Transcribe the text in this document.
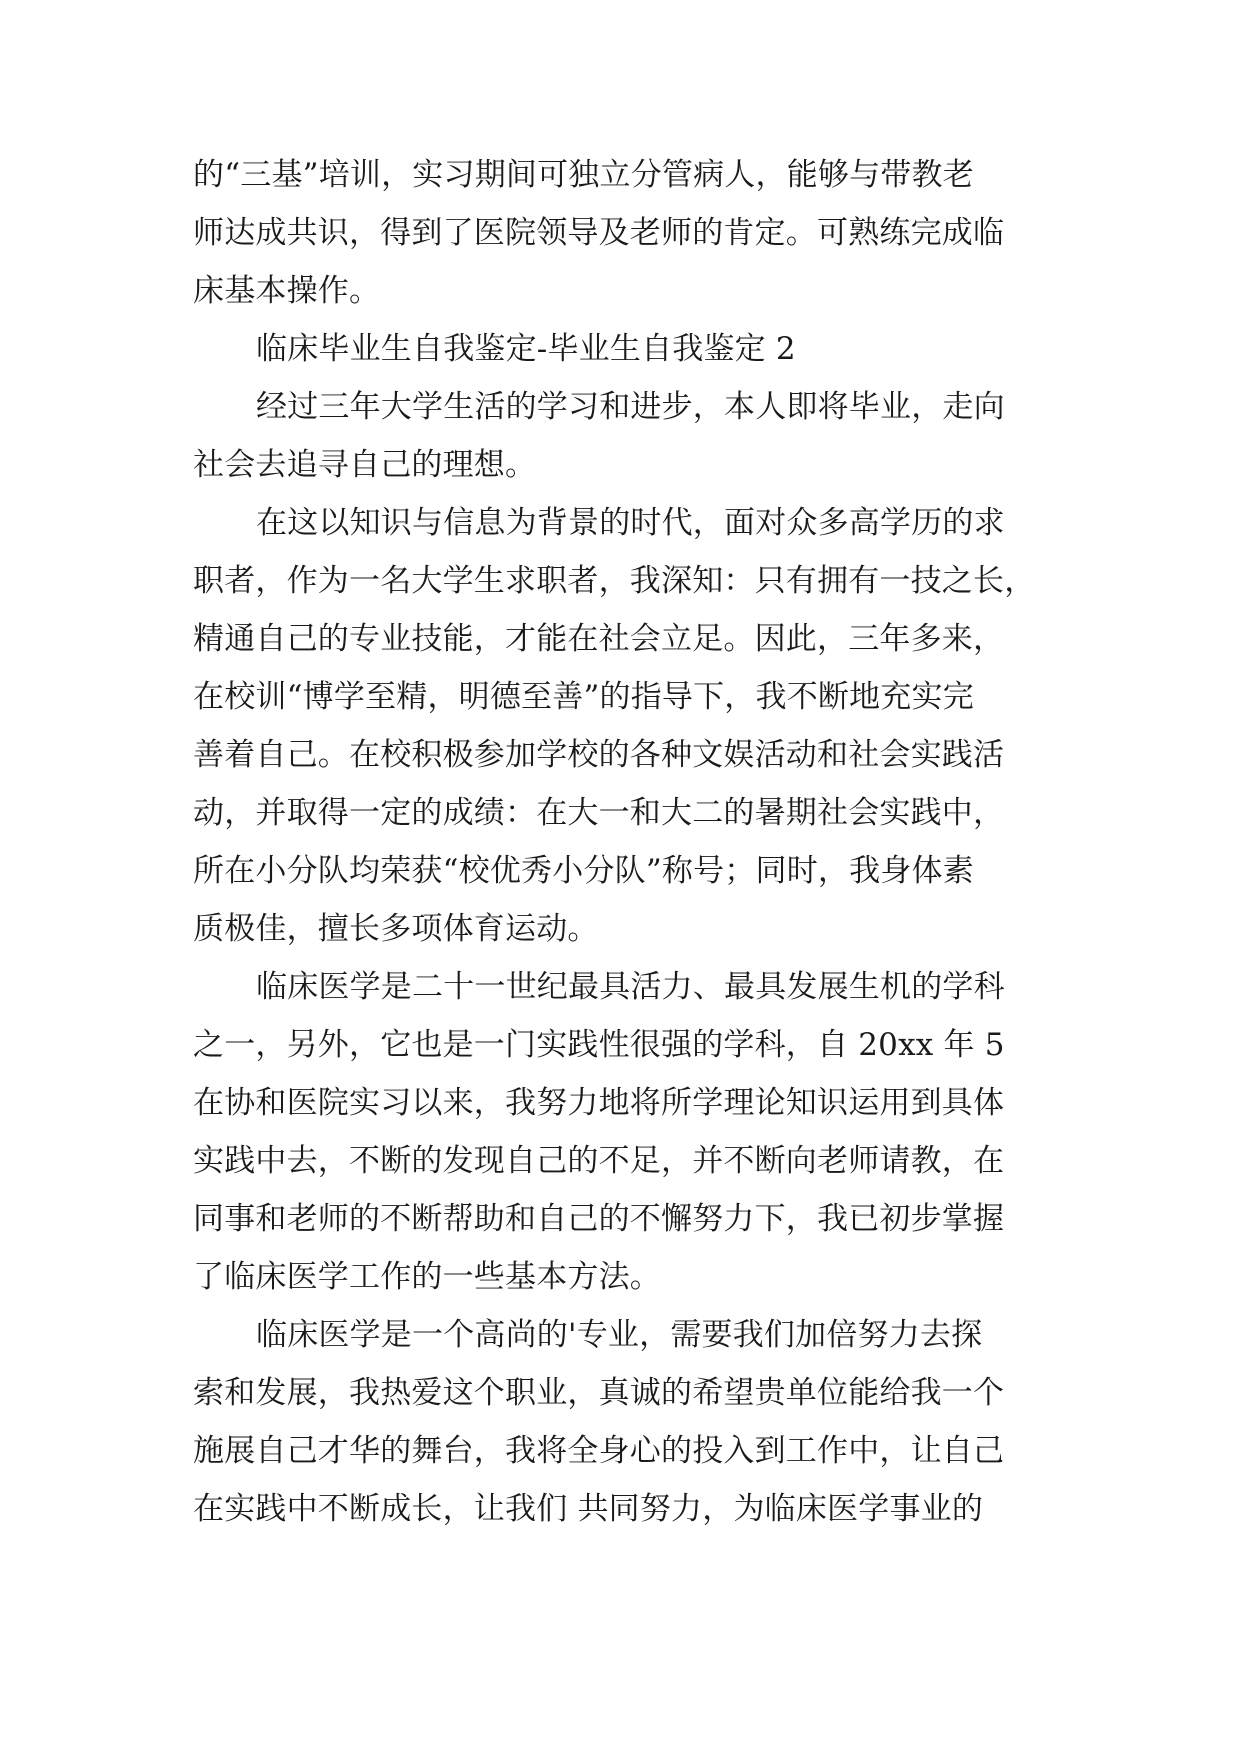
的“三基”培训，实习期间可独立分管病人，能够与带教老
师达成共识，得到了医院领导及老师的肯定。可熟练完成临
床基本操作。
临床毕业生自我鉴定-毕业生自我鉴定 2
经过三年大学生活的学习和进步，本人即将毕业，走向
社会去追寻自己的理想。
在这以知识与信息为背景的时代，面对众多高学历的求
职者，作为一名大学生求职者，我深知：只有拥有一技之长，
精通自己的专业技能，才能在社会立足。因此，三年多来，
在校训“博学至精，明德至善”的指导下，我不断地充实完
善着自己。在校积极参加学校的各种文娱活动和社会实践活
动，并取得一定的成绩：在大一和大二的暑期社会实践中，
所在小分队均荣获“校优秀小分队”称号；同时，我身体素
质极佳，擅长多项体育运动。
临床医学是二十一世纪最具活力、最具发展生机的学科
之一，另外，它也是一门实践性很强的学科，自 20xx 年 5
在协和医院实习以来，我努力地将所学理论知识运用到具体
实践中去，不断的发现自己的不足，并不断向老师请教，在
同事和老师的不断帮助和自己的不懈努力下，我已初步掌握
了临床医学工作的一些基本方法。
临床医学是一个高尚的'专业，需要我们加倍努力去探
索和发展，我热爱这个职业，真诚的希望贵单位能给我一个
施展自己才华的舞台，我将全身心的投入到工作中，让自己
在实践中不断成长，让我们 共同努力，为临床医学事业的
